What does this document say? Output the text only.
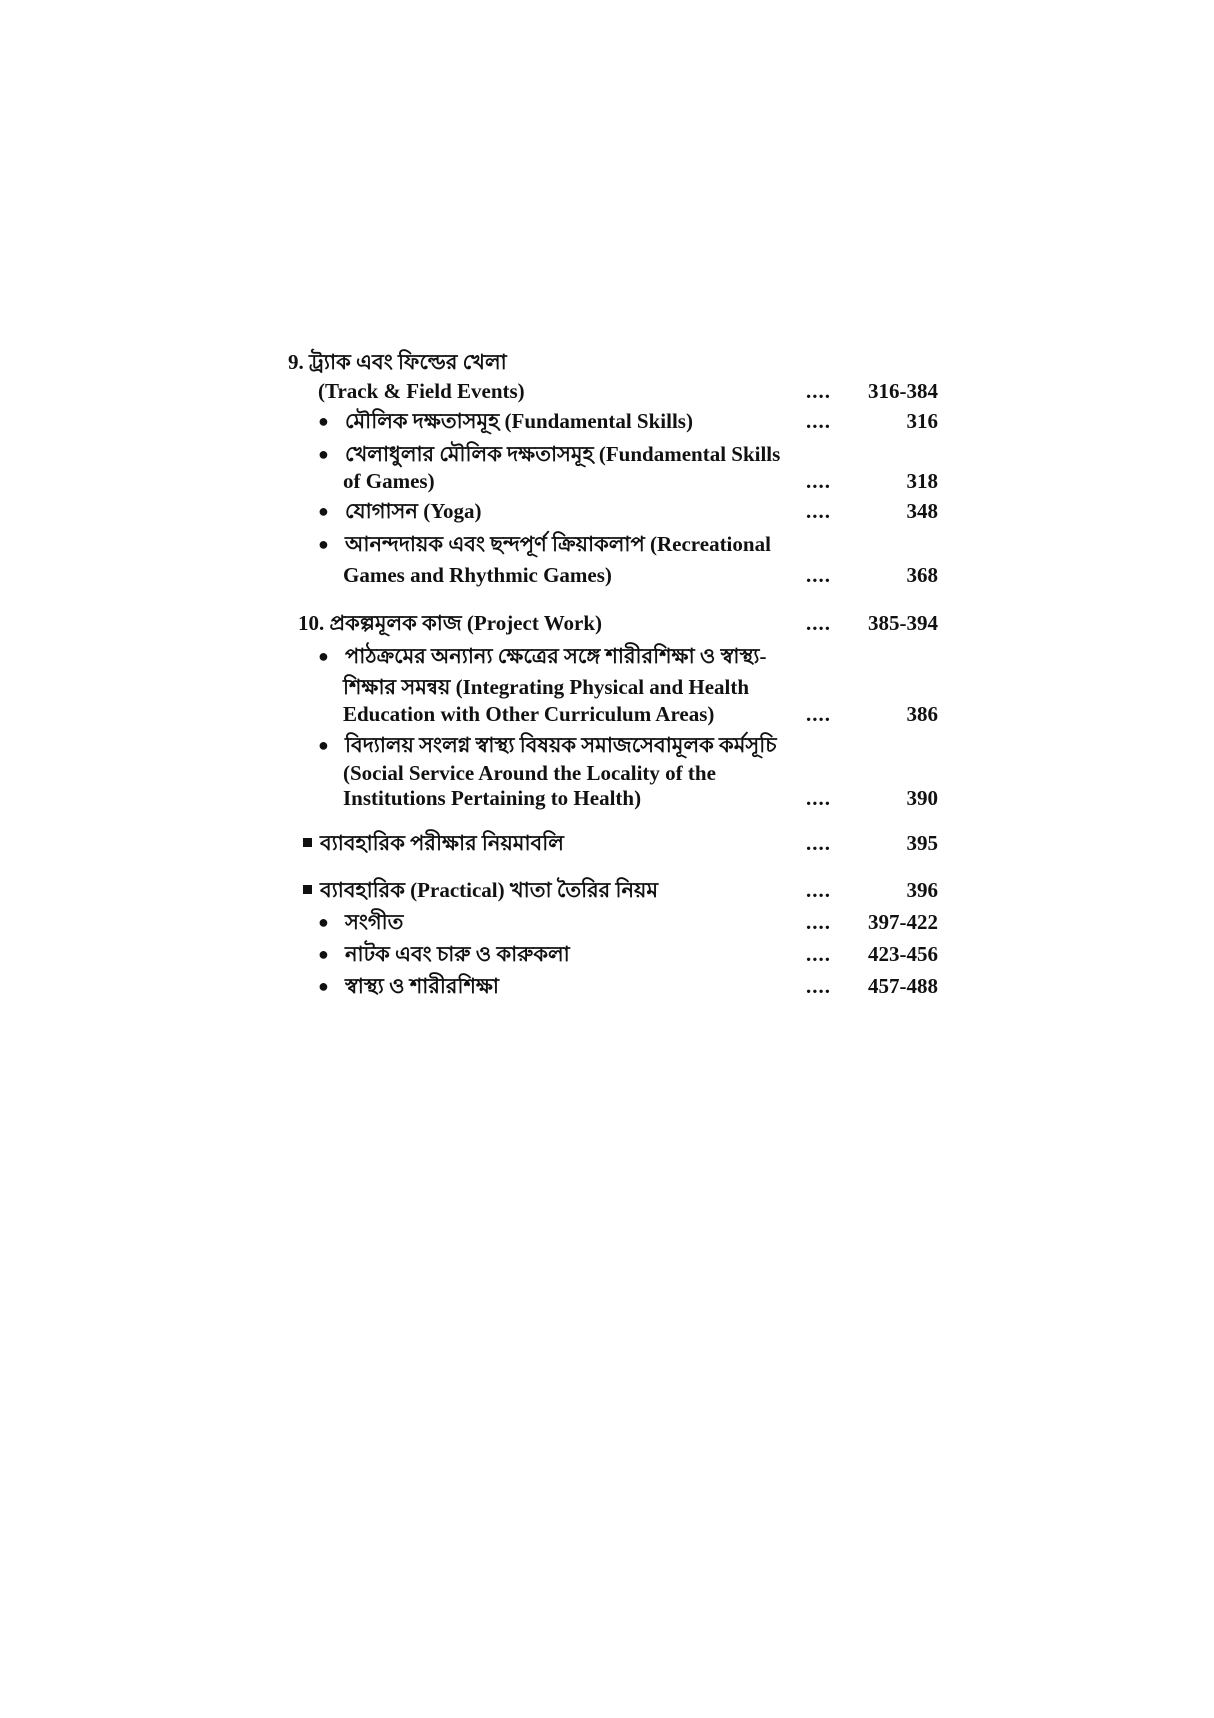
9. ট্র্যাক এবং ফিল্ডের খেলা
(Track & Field Events)	.... 316-384
● মৌলিক দক্ষতাসমূহ (Fundamental Skills)	....	316
● খেলাধুলার মৌলিক দক্ষতাসমূহ (Fundamental Skills
of Games)	....	318
● যোগাসন (Yoga)	....	348
● আনন্দদায়ক এবং ছন্দপূর্ণ ক্রিয়াকলাপ (Recreational
Games and Rhythmic Games)	....	368
10. প্রকল্পমূলক কাজ (Project Work)	.... 385-394
● পাঠক্রমের অন্যান্য ক্ষেত্রের সঙ্গে শারীরশিক্ষা ও স্বাস্থ্য-
শিক্ষার সমন্বয় (Integrating Physical and Health
Education with Other Curriculum Areas)	....	386
● বিদ্যালয় সংলগ্ন স্বাস্থ্য বিষয়ক সমাজসেবামূলক কর্মসূচি
(Social Service Around the Locality of the
Institutions Pertaining to Health)	....	390
ব্যাবহারিক পরীক্ষার নিয়মাবলি	....	395
ব্যাবহারিক (Practical) খাতা তৈরির নিয়ম	....	396
● সংগীত	.... 397-422
● নাটক এবং চারু ও কারুকলা	.... 423-456
● স্বাস্থ্য ও শারীরশিক্ষা	.... 457-488
